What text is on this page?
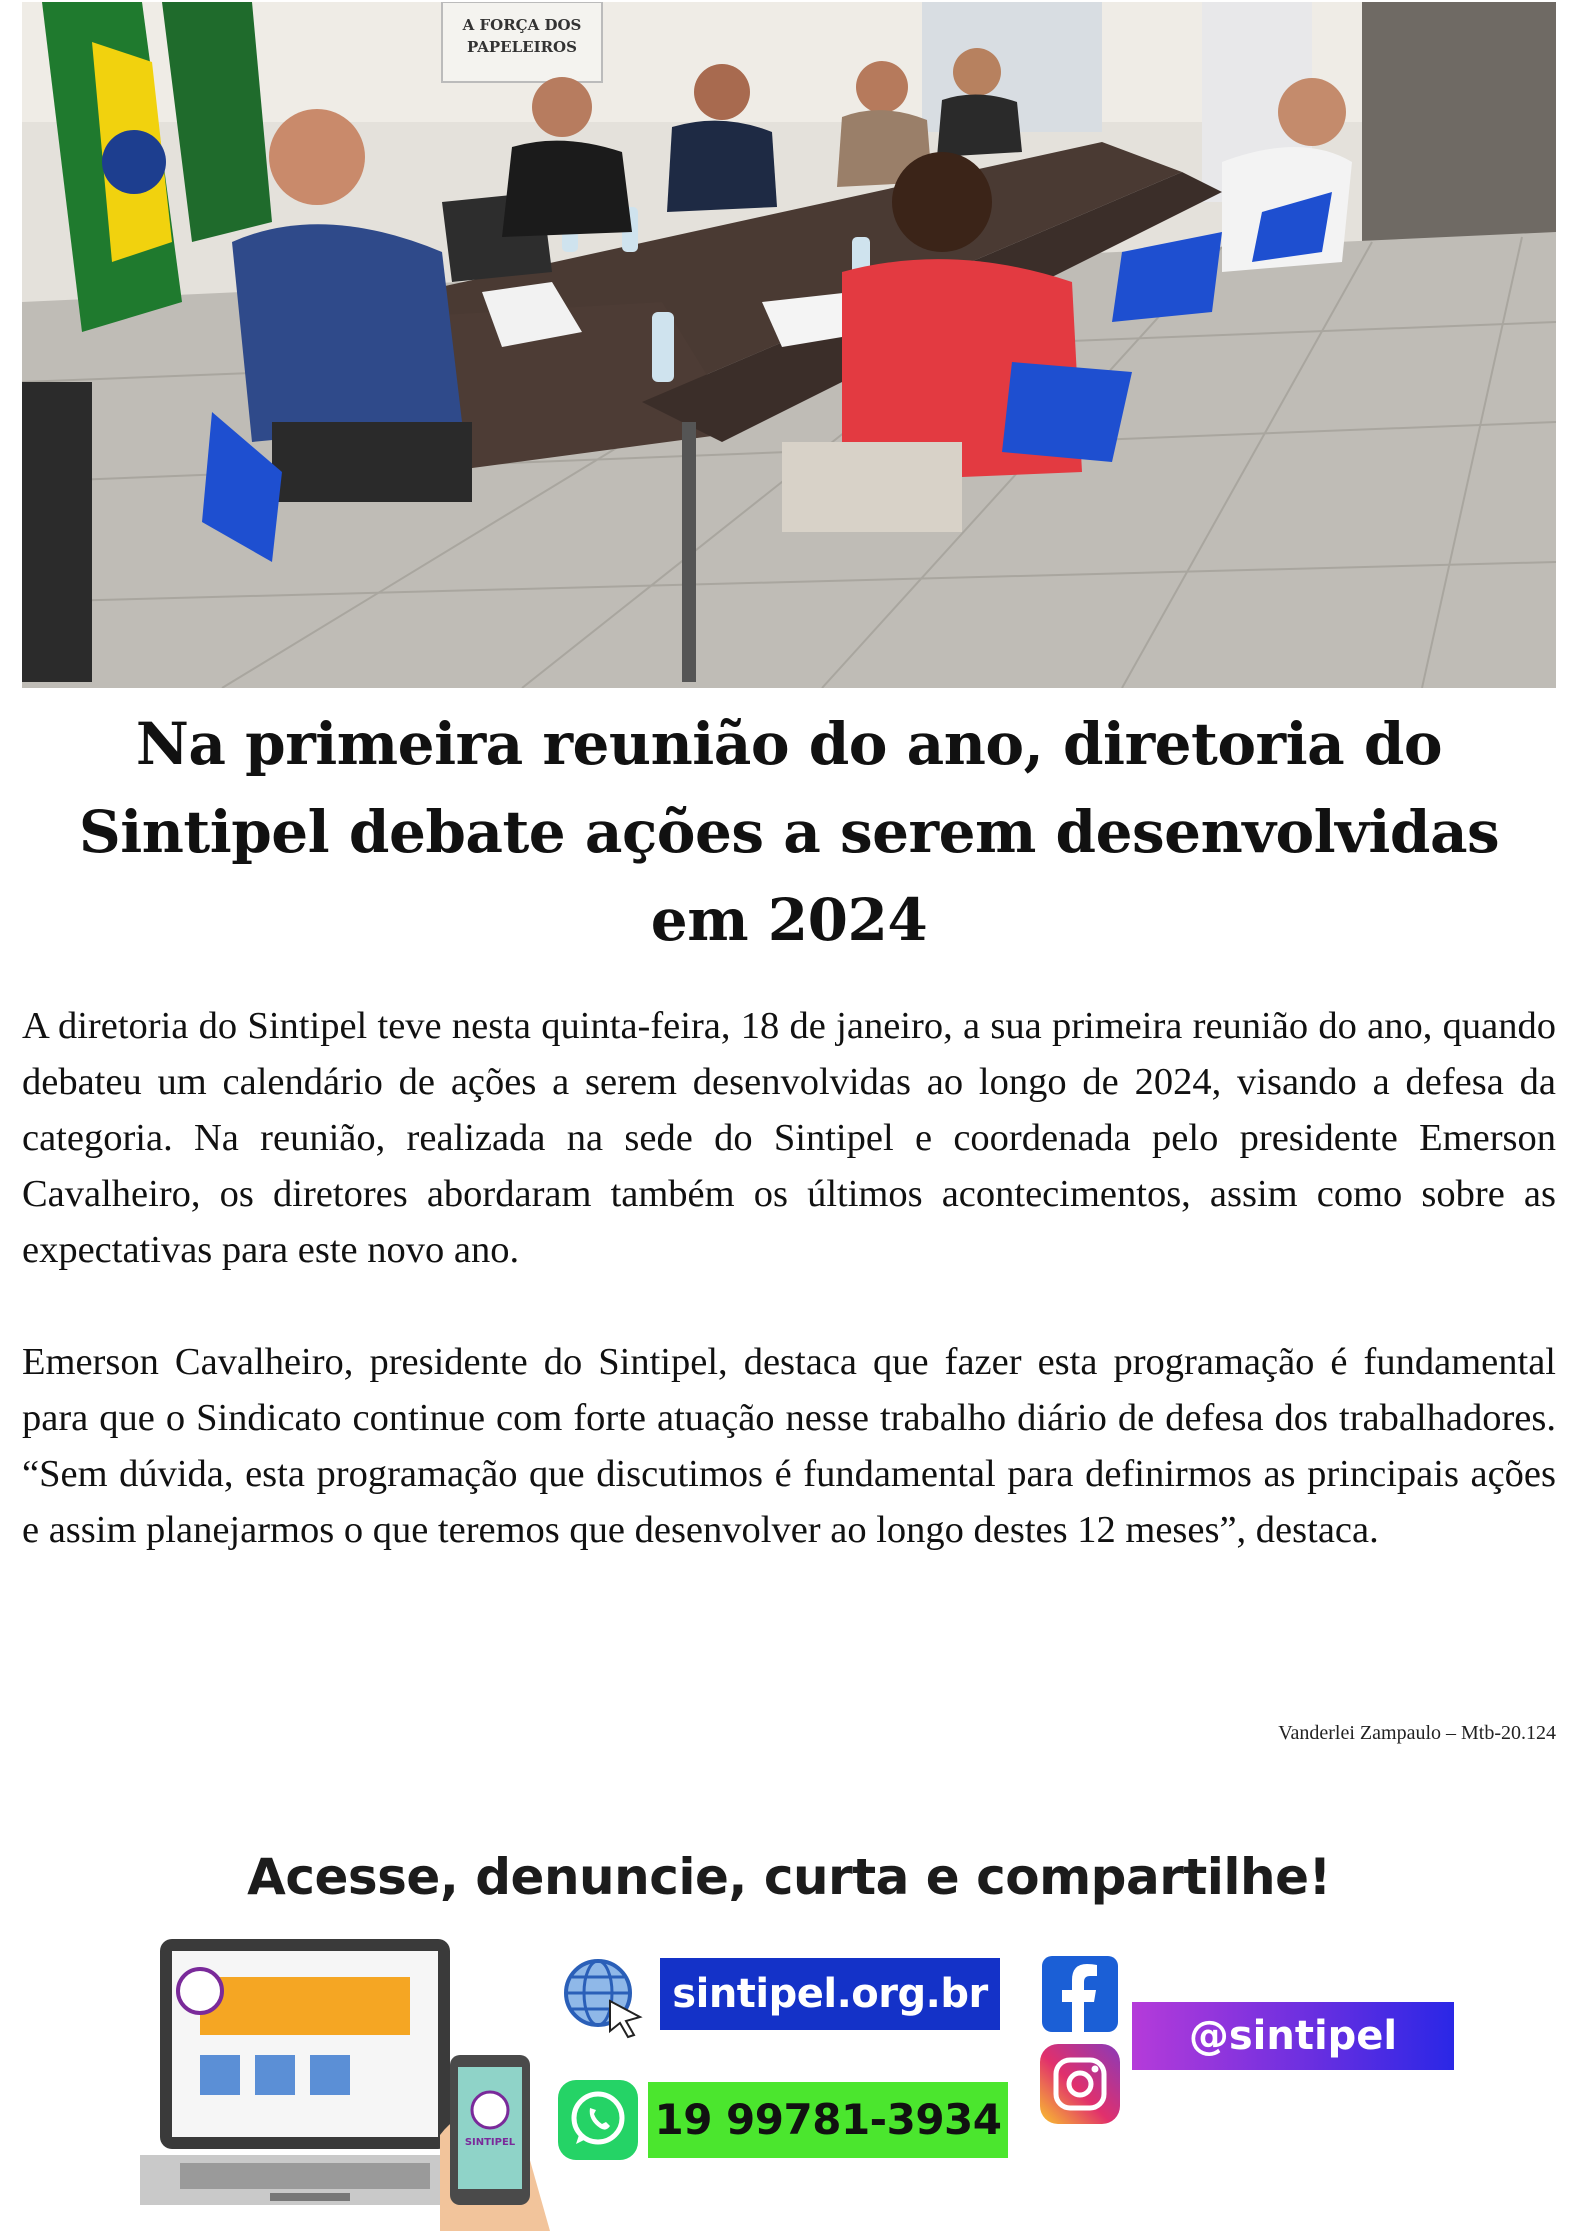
A FORÇA DOS
PAPELEIROS
Na primeira reunião do ano, diretoria do
Sintipel debate ações a serem desenvolvidas
em 2024

A diretoria do Sintipel teve nesta quinta-feira, 18 de janeiro, a sua primeira reunião do ano, quando debateu um calendário de ações a serem desenvolvidas ao longo de 2024, visando a defesa da categoria. Na reunião, realizada na sede do Sintipel e coordenada pelo presidente Emerson Cavalheiro, os diretores abordaram também os últimos acontecimentos, assim como sobre as expectativas para este novo ano.

Emerson Cavalheiro, presidente do Sintipel, destaca que fazer esta programação é fundamental para que o Sindicato continue com forte atuação nesse trabalho diário de defesa dos trabalhadores. “Sem dúvida, esta programação que discutimos é fundamental para definirmos as principais ações e assim planejarmos o que teremos que desenvolver ao longo destes 12 meses”, destaca.

Vanderlei Zampaulo – Mtb-20.124
Acesse, denuncie, curta e compartilhe!
SINTIPEL
sintipel.org.br
19 99781-3934
@sintipel
